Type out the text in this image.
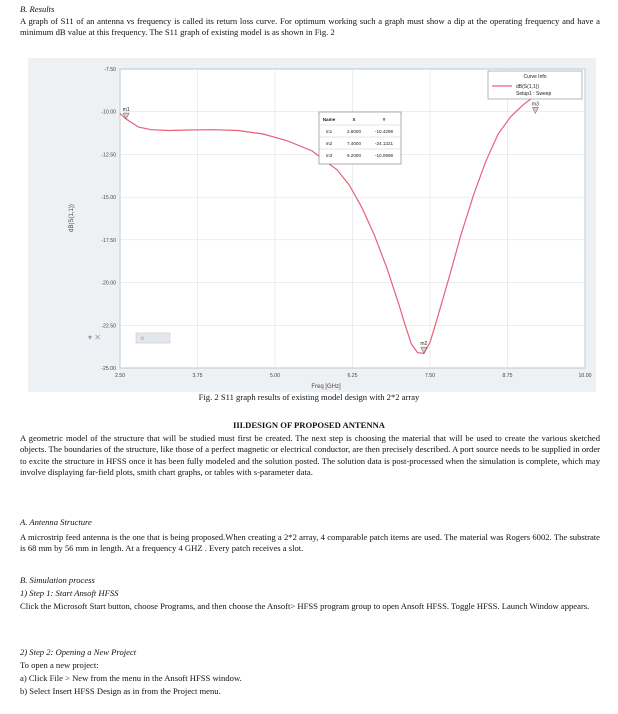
B. Results
A graph of S11 of an antenna vs frequency is called its return loss curve. For optimum working such a graph must show a dip at the operating frequency and have a minimum dB value at this frequency. The S11 graph of existing model is as shown in Fig. 2
-7.50
-10.00
-12.50
-15.00
-17.50
-20.00
-22.50
-25.00
2.50	3.75	5.00	6.25	7.50	8.75	10.00
dB(S(1,1))
Freq [GHz]
m1
m2
m3
Name	X	Y
m1	2.6000	-10.4299
m2	7.4000	-24.1321
m3	9.2000	-10.0999
Curve Info
dB(S(1,1))
Setup1 : Sweep
▾ ✕	⚙
Fig. 2 S11 graph results of existing model design with 2*2 array
III.DESIGN OF PROPOSED ANTENNA
A geometric model of the structure that will be studied must first be created. The next step is choosing the material that will be used to create the various sketched objects. The boundaries of the structure, like those of a perfect magnetic or electrical conductor, are then precisely described. A port source needs to be supplied in order to excite the structure in HFSS once it has been fully modeled and the solution posted. The solution data is post-processed when the simulation is complete, which may involve displaying far-field plots, smith chart graphs, or tables with s-parameter data.
A. Antenna Structure
A microstrip feed antenna is the one that is being proposed.When creating a 2*2 array, 4 comparable patch items are used. The material was Rogers 6002. The substrate is 68 mm by 56 mm in length. At a frequency 4 GHZ . Every patch receives a slot.
B. Simulation process
1) Step 1: Start Ansoft HFSS
Click the Microsoft Start button, choose Programs, and then choose the Ansoft> HFSS program group to open Ansoft HFSS. Toggle HFSS. Launch Window appears.
2) Step 2: Opening a New Project
To open a new project:
a) Click File > New from the menu in the Ansoft HFSS window.
b) Select Insert HFSS Design as in from the Project menu.
